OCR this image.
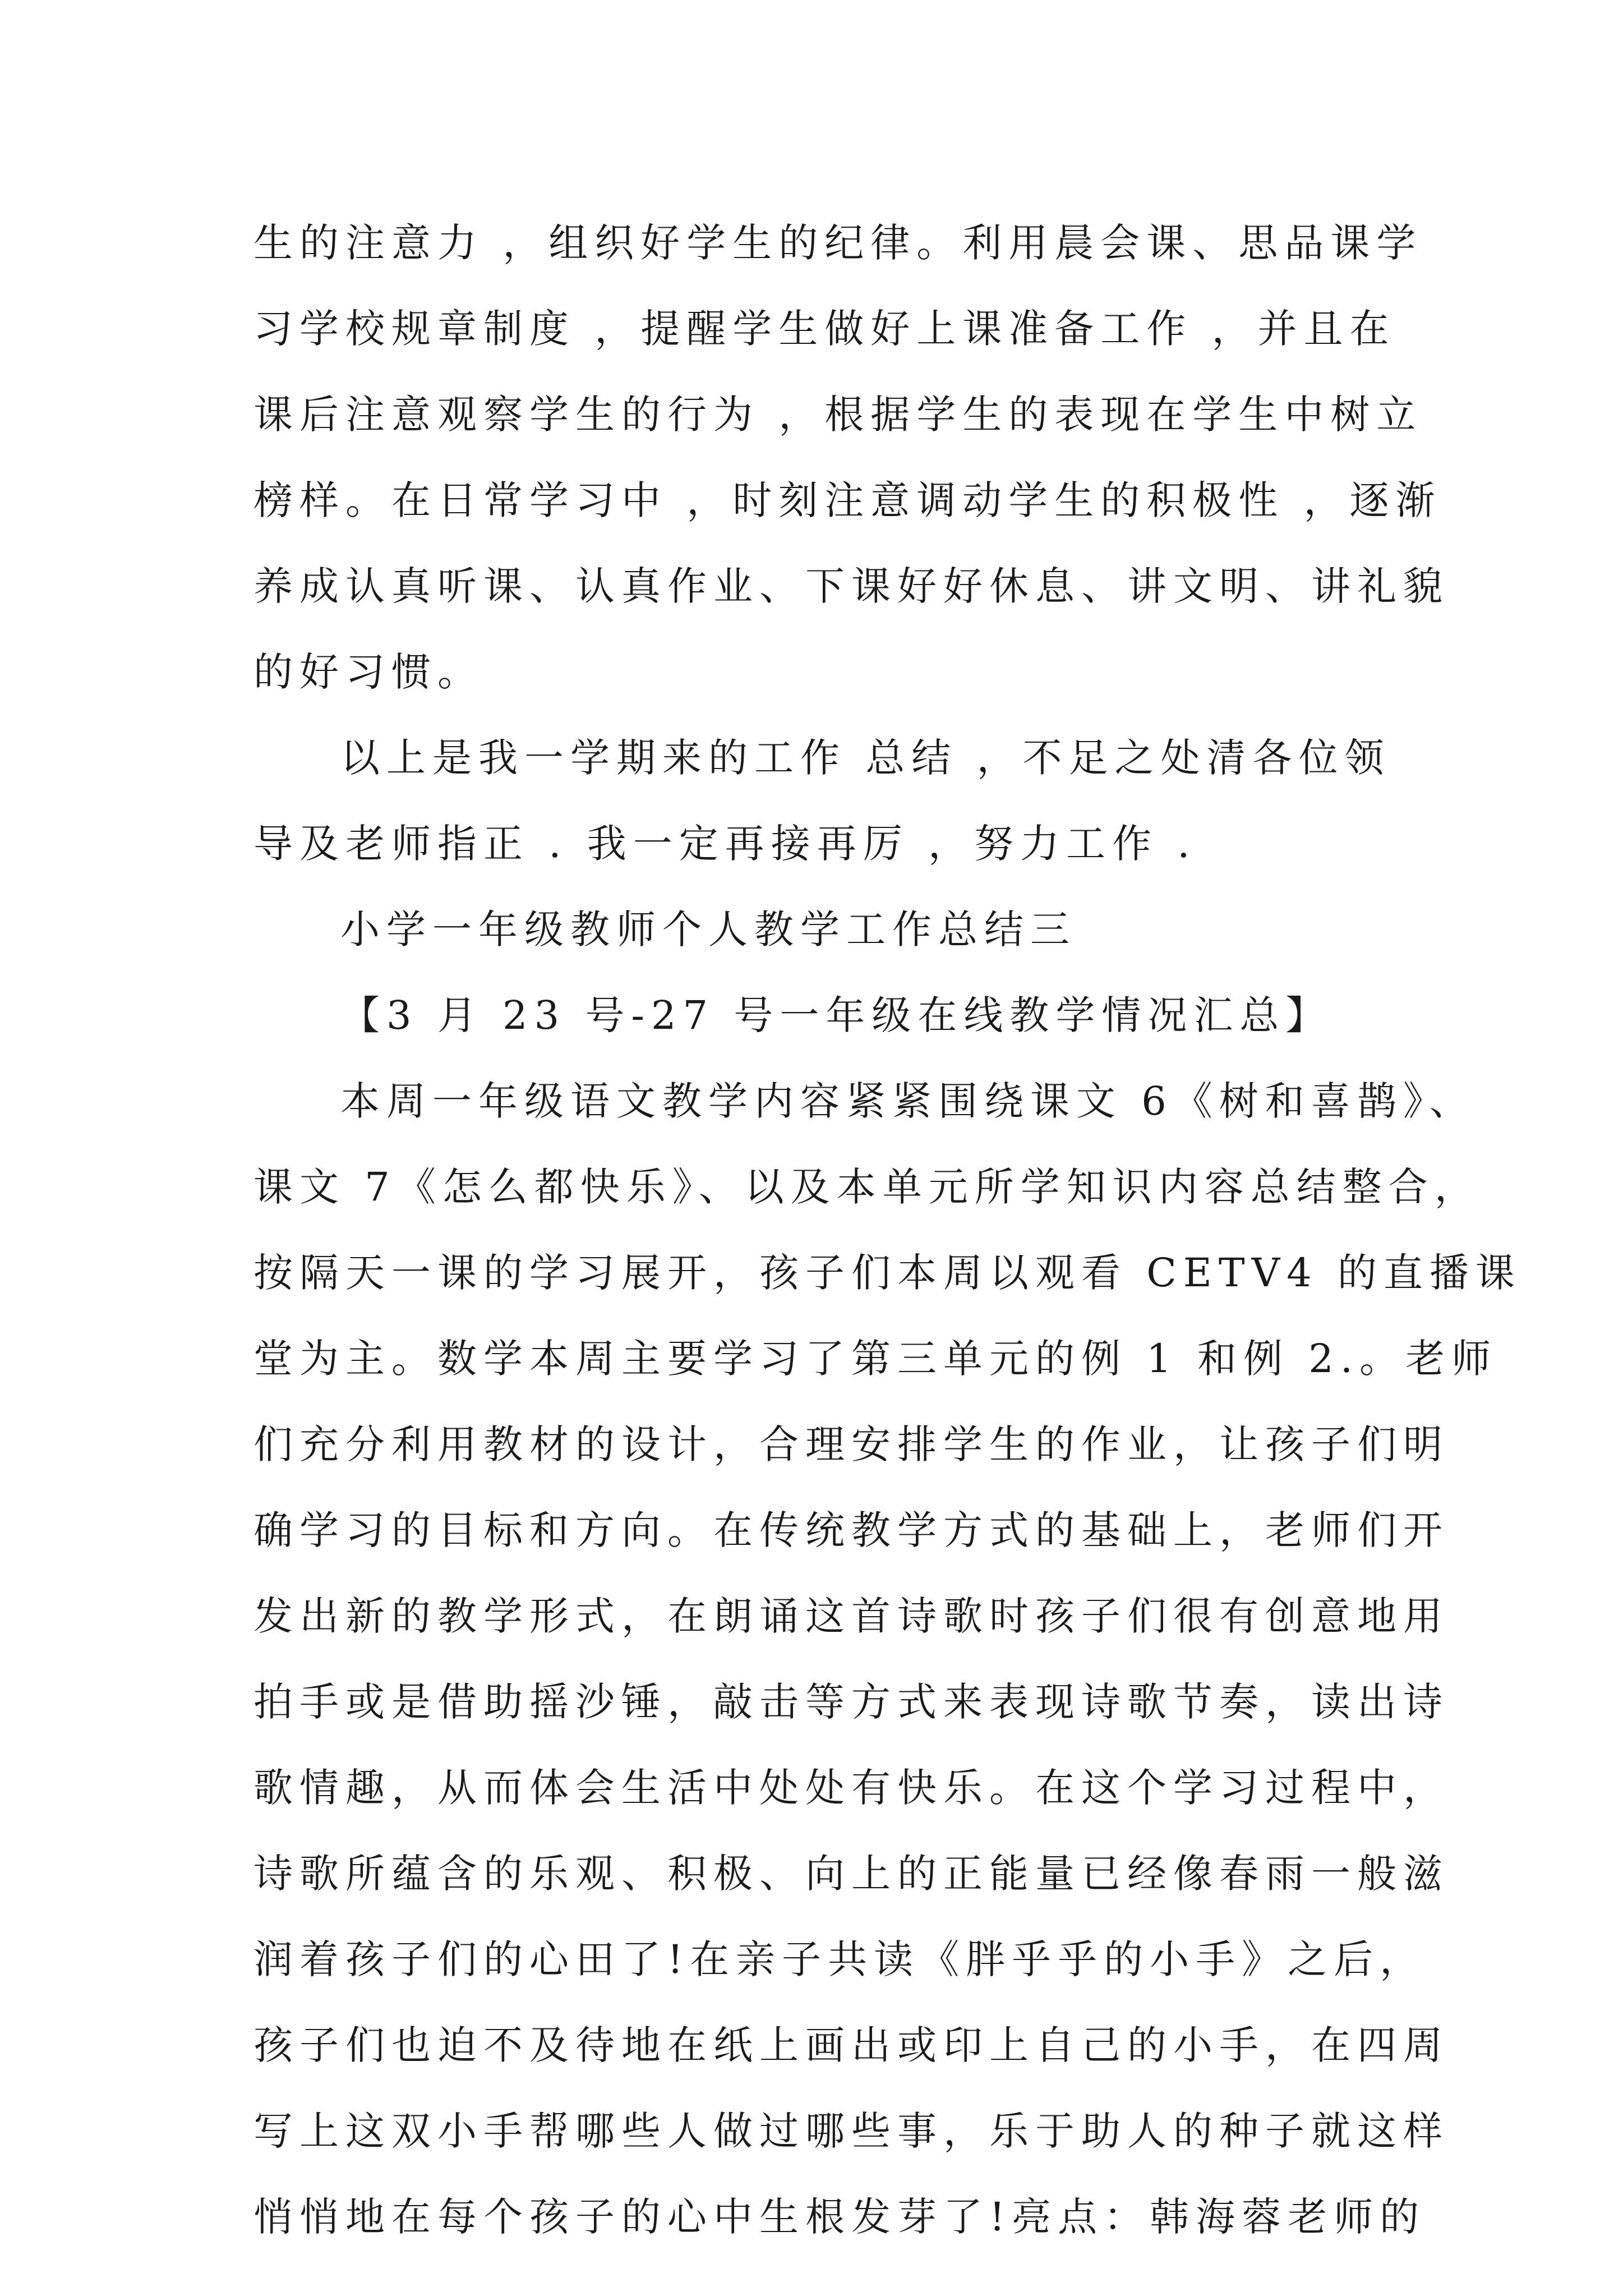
生的注意力 ，组织好学生的纪律。利用晨会课、思品课学
习学校规章制度 ，提醒学生做好上课准备工作 ，并且在
课后注意观察学生的行为 ，根据学生的表现在学生中树立
榜样。在日常学习中 ，时刻注意调动学生的积极性 ，逐渐
养成认真听课、认真作业、下课好好休息、讲文明、讲礼貌
的好习惯。
以上是我一学期来的工作 总结 ，不足之处清各位领
导及老师指正 . 我一定再接再厉 ，努力工作 .
小学一年级教师个人教学工作总结三
【3 月 23 号-27 号一年级在线教学情况汇总】
本周一年级语文教学内容紧紧围绕课文 6《树和喜鹊》、
课文 7《怎么都快乐》、以及本单元所学知识内容总结整合，
按隔天一课的学习展开，孩子们本周以观看 CETV4 的直播课
堂为主。数学本周主要学习了第三单元的例 1 和例 2.。老师
们充分利用教材的设计，合理安排学生的作业，让孩子们明
确学习的目标和方向。在传统教学方式的基础上，老师们开
发出新的教学形式，在朗诵这首诗歌时孩子们很有创意地用
拍手或是借助摇沙锤，敲击等方式来表现诗歌节奏，读出诗
歌情趣，从而体会生活中处处有快乐。在这个学习过程中，
诗歌所蕴含的乐观、积极、向上的正能量已经像春雨一般滋
润着孩子们的心田了!在亲子共读《胖乎乎的小手》之后，
孩子们也迫不及待地在纸上画出或印上自己的小手，在四周
写上这双小手帮哪些人做过哪些事，乐于助人的种子就这样
悄悄地在每个孩子的心中生根发芽了!亮点：韩海蓉老师的
